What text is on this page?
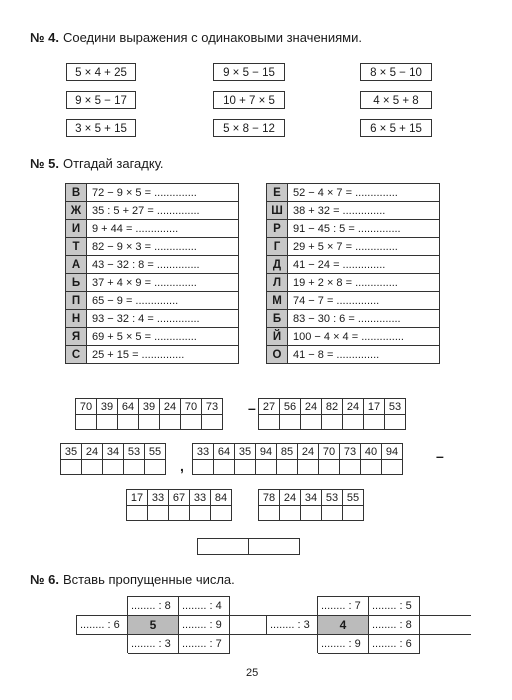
№ 4. Соедини выражения с одинаковыми значениями.
5 × 4 + 25
9 × 5 − 17
3 × 5 + 15
9 × 5 − 15
10 + 7 × 5
5 × 8 − 12
8 × 5 − 10
4 × 5 + 8
6 × 5 + 15
№ 5. Отгадай загадку.
В	72 − 9 × 5 = ..............
Ж	35 : 5 + 27 = ..............
И	9 + 44 = ..............
Т	82 − 9 × 3 = ..............
А	43 − 32 : 8 = ..............
Ь	37 + 4 × 9 = ..............
П	65 − 9 = ..............
Н	93 − 32 : 4 = ..............
Я	69 + 5 × 5 = ..............
С	25 + 15 = ..............
Е	52 − 4 × 7 = ..............
Ш	38 + 32 = ..............
Р	91 − 45 : 5 = ..............
Г	29 + 5 × 7 = ..............
Д	41 − 24 = ..............
Л	19 + 2 × 8 = ..............
М	74 − 7 = ..............
Б	83 − 30 : 6 = ..............
Й	100 − 4 × 4 = ..............
О	41 − 8 = ..............
70	39	64	39	24	70	73
						– 27	56	24	82	24	17	53

35	24	34	53	55

,
33	64	35	94	85	24	70	73	40	94
										–
17	33	67	33	84
					78	24	34	53	55

№ 6. Вставь пропущенные числа.
	........ : 8	........ : 4	
........ : 6	5	........ : 9	
	........ : 3	........ : 7	
	........ : 7	........ : 5	
........ : 3	4	........ : 8	
	........ : 9	........ : 6	
25
